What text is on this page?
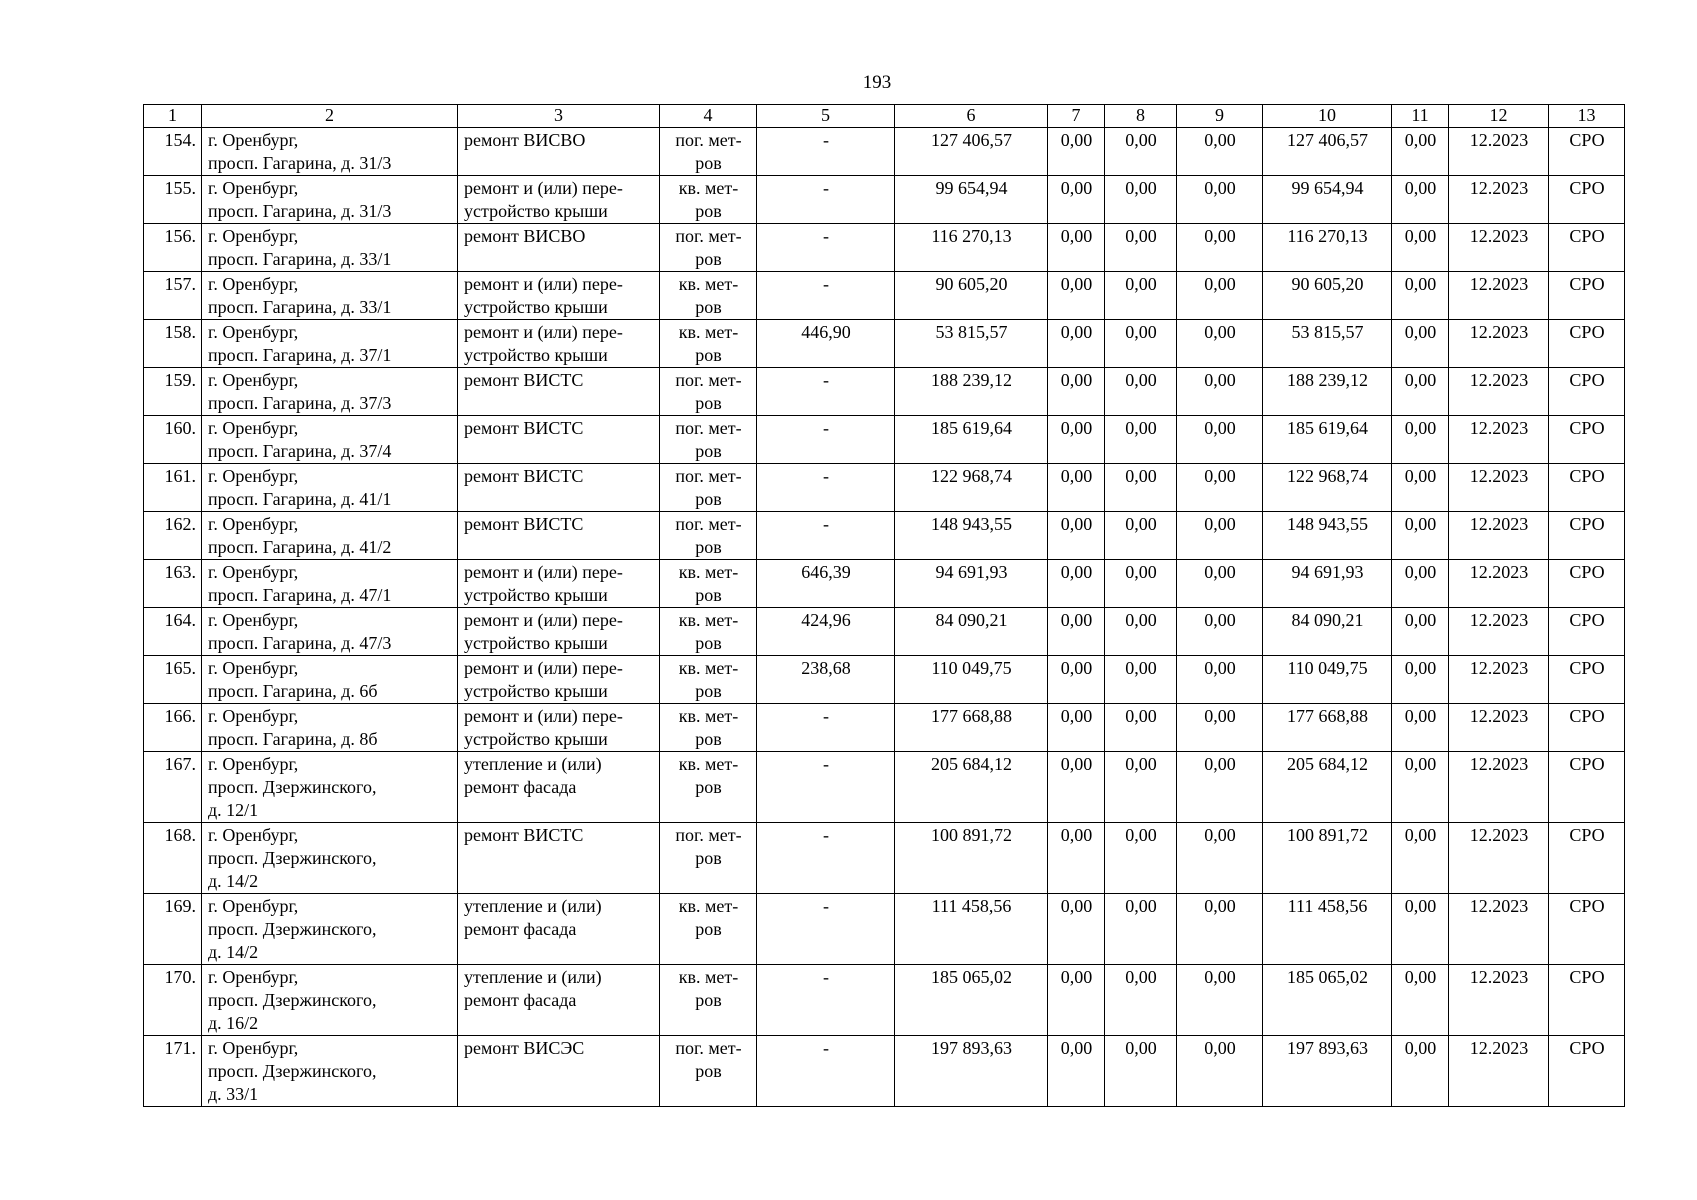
193
1	2	3	4	5	6	7	8	9	10	11	12	13

154.	г. Оренбург,
просп. Гагарина, д. 31/3	ремонт ВИСВО	пог. мет-
ров	-	127 406,57	0,00	0,00	0,00	127 406,57	0,00	12.2023	СРО

155.	г. Оренбург,
просп. Гагарина, д. 31/3	ремонт и (или) пере-
устройство крыши	кв. мет-
ров	-	99 654,94	0,00	0,00	0,00	99 654,94	0,00	12.2023	СРО

156.	г. Оренбург,
просп. Гагарина, д. 33/1	ремонт ВИСВО	пог. мет-
ров	-	116 270,13	0,00	0,00	0,00	116 270,13	0,00	12.2023	СРО

157.	г. Оренбург,
просп. Гагарина, д. 33/1	ремонт и (или) пере-
устройство крыши	кв. мет-
ров	-	90 605,20	0,00	0,00	0,00	90 605,20	0,00	12.2023	СРО

158.	г. Оренбург,
просп. Гагарина, д. 37/1	ремонт и (или) пере-
устройство крыши	кв. мет-
ров	446,90	53 815,57	0,00	0,00	0,00	53 815,57	0,00	12.2023	СРО

159.	г. Оренбург,
просп. Гагарина, д. 37/3	ремонт ВИСТС	пог. мет-
ров	-	188 239,12	0,00	0,00	0,00	188 239,12	0,00	12.2023	СРО

160.	г. Оренбург,
просп. Гагарина, д. 37/4	ремонт ВИСТС	пог. мет-
ров	-	185 619,64	0,00	0,00	0,00	185 619,64	0,00	12.2023	СРО

161.	г. Оренбург,
просп. Гагарина, д. 41/1	ремонт ВИСТС	пог. мет-
ров	-	122 968,74	0,00	0,00	0,00	122 968,74	0,00	12.2023	СРО

162.	г. Оренбург,
просп. Гагарина, д. 41/2	ремонт ВИСТС	пог. мет-
ров	-	148 943,55	0,00	0,00	0,00	148 943,55	0,00	12.2023	СРО

163.	г. Оренбург,
просп. Гагарина, д. 47/1	ремонт и (или) пере-
устройство крыши	кв. мет-
ров	646,39	94 691,93	0,00	0,00	0,00	94 691,93	0,00	12.2023	СРО

164.	г. Оренбург,
просп. Гагарина, д. 47/3	ремонт и (или) пере-
устройство крыши	кв. мет-
ров	424,96	84 090,21	0,00	0,00	0,00	84 090,21	0,00	12.2023	СРО

165.	г. Оренбург,
просп. Гагарина, д. 6б	ремонт и (или) пере-
устройство крыши	кв. мет-
ров	238,68	110 049,75	0,00	0,00	0,00	110 049,75	0,00	12.2023	СРО

166.	г. Оренбург,
просп. Гагарина, д. 8б	ремонт и (или) пере-
устройство крыши	кв. мет-
ров	-	177 668,88	0,00	0,00	0,00	177 668,88	0,00	12.2023	СРО

167.	г. Оренбург,
просп. Дзержинского,
д. 12/1	утепление и (или)
ремонт фасада	кв. мет-
ров	-	205 684,12	0,00	0,00	0,00	205 684,12	0,00	12.2023	СРО

168.	г. Оренбург,
просп. Дзержинского,
д. 14/2	ремонт ВИСТС	пог. мет-
ров	-	100 891,72	0,00	0,00	0,00	100 891,72	0,00	12.2023	СРО

169.	г. Оренбург,
просп. Дзержинского,
д. 14/2	утепление и (или)
ремонт фасада	кв. мет-
ров	-	111 458,56	0,00	0,00	0,00	111 458,56	0,00	12.2023	СРО

170.	г. Оренбург,
просп. Дзержинского,
д. 16/2	утепление и (или)
ремонт фасада	кв. мет-
ров	-	185 065,02	0,00	0,00	0,00	185 065,02	0,00	12.2023	СРО

171.	г. Оренбург,
просп. Дзержинского,
д. 33/1	ремонт ВИСЭС	пог. мет-
ров	-	197 893,63	0,00	0,00	0,00	197 893,63	0,00	12.2023	СРО
